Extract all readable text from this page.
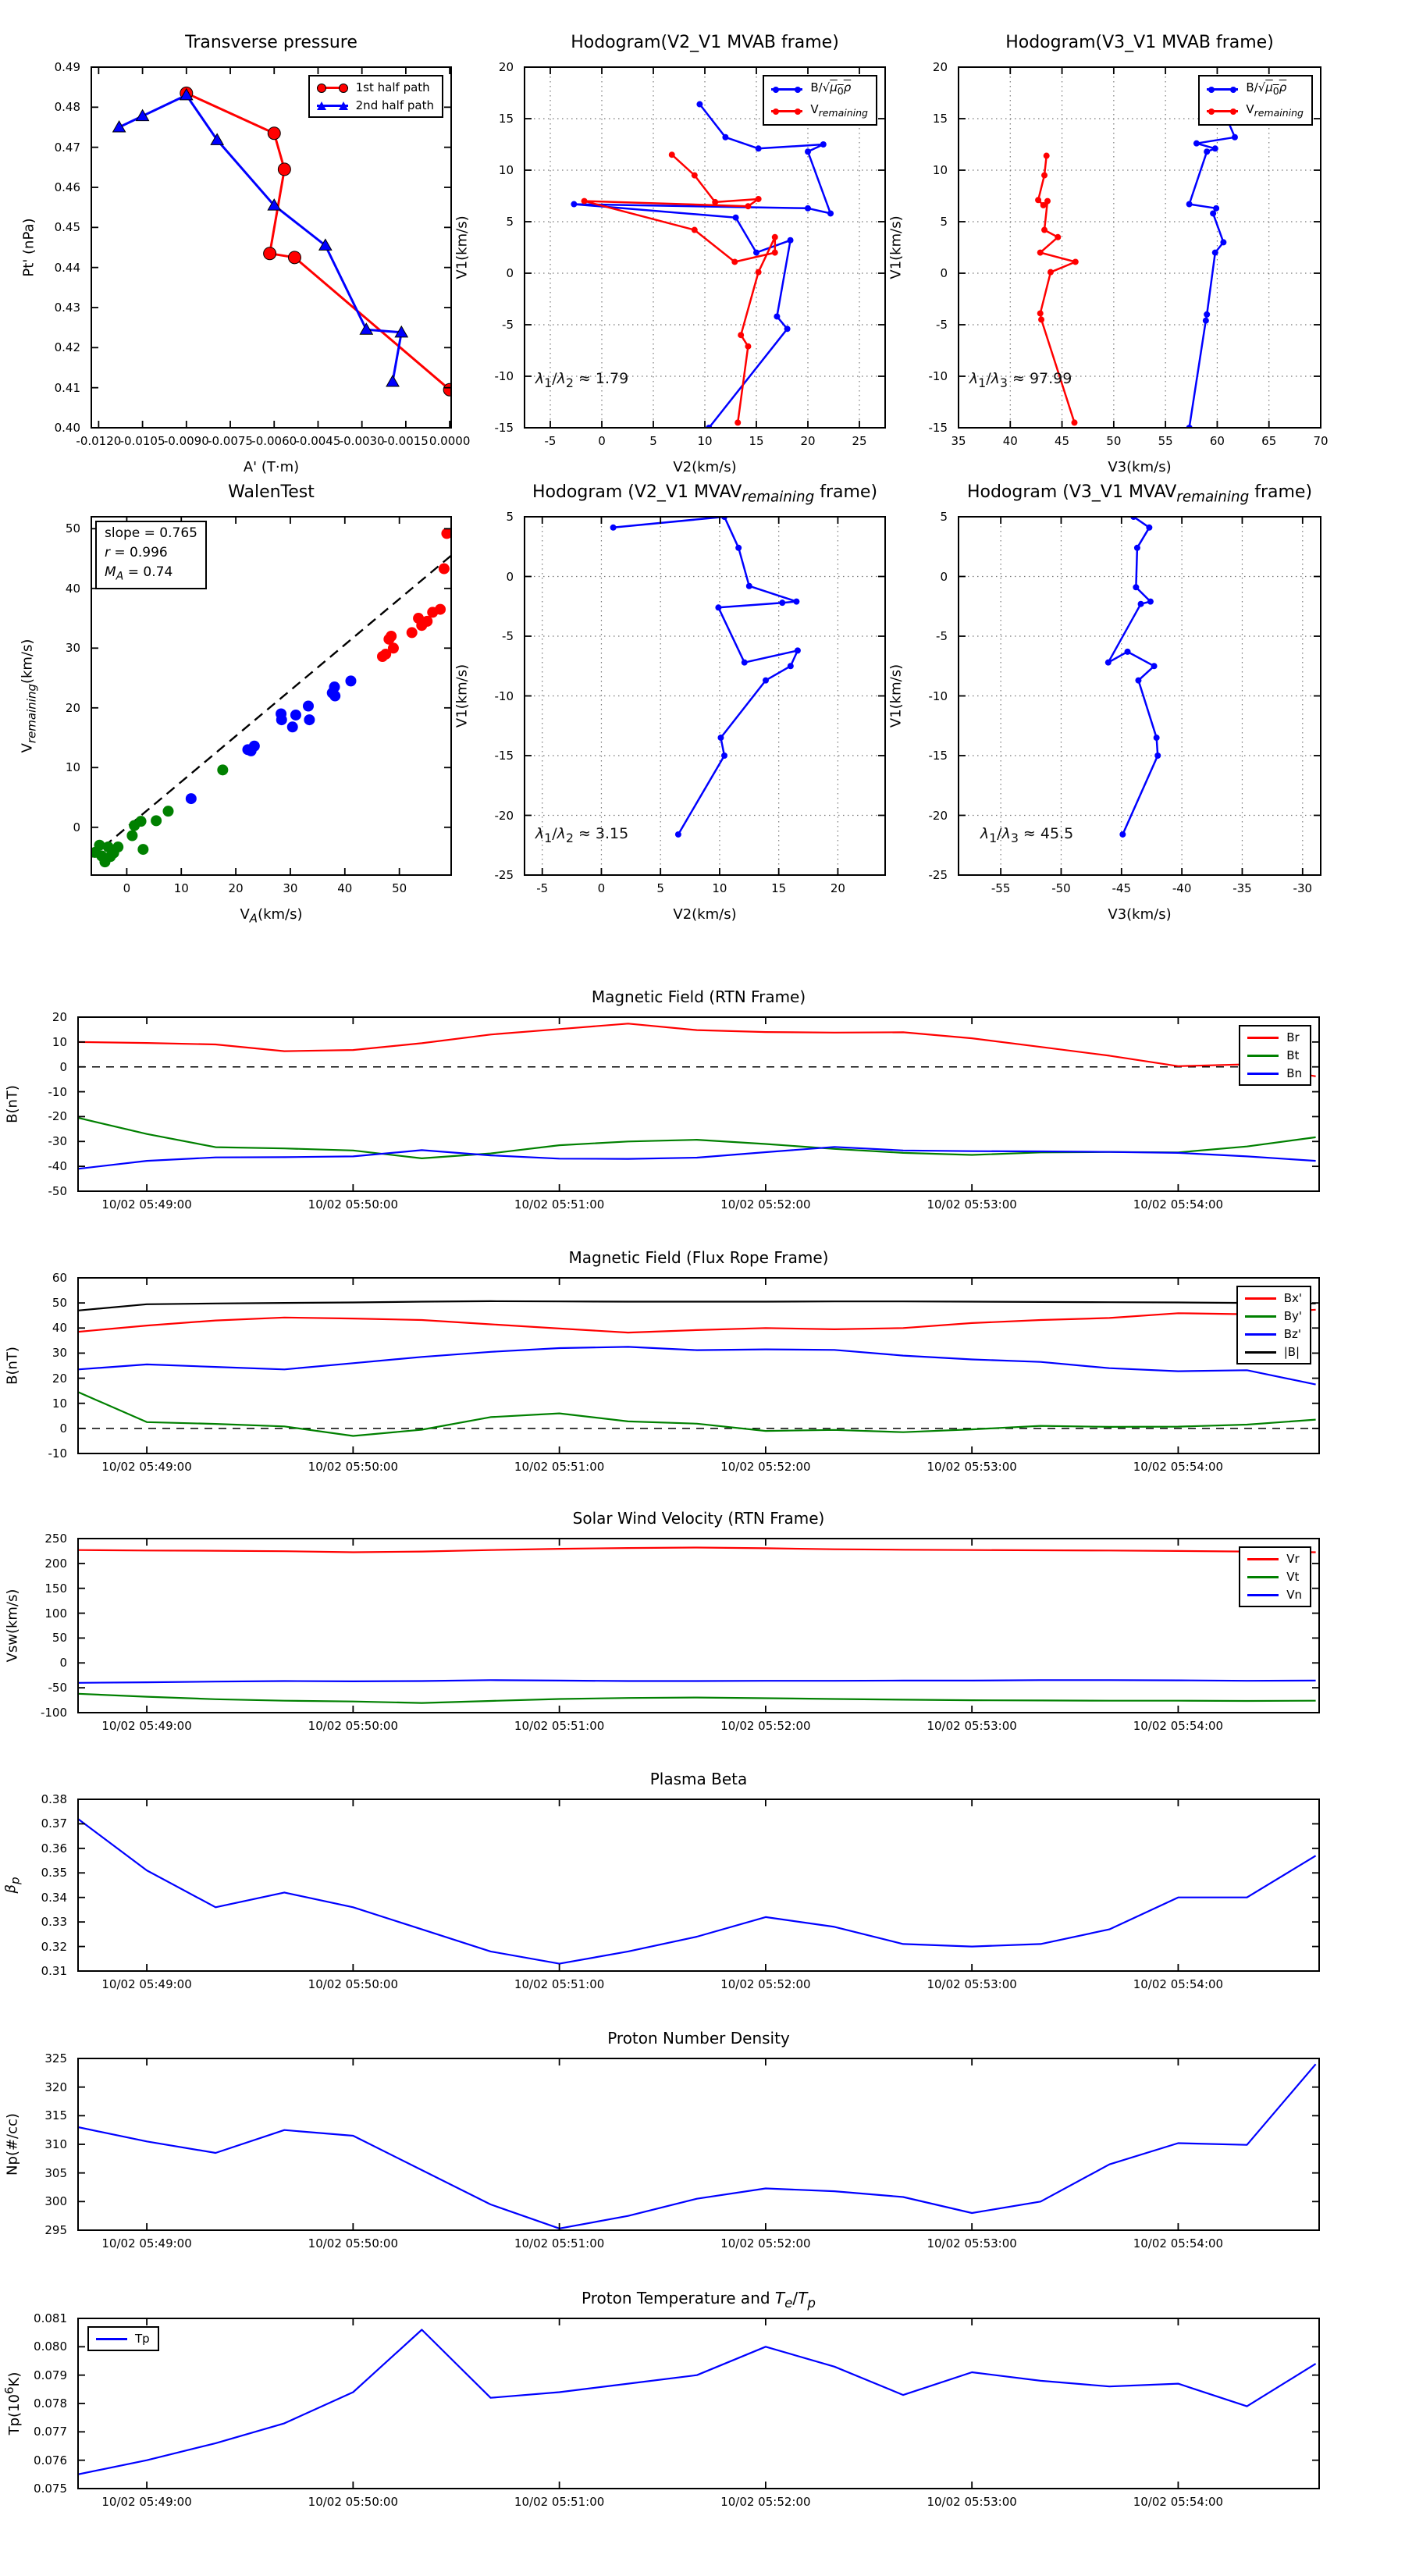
-0.0120
-0.0105
-0.0090
-0.0075
-0.0060
-0.0045
-0.0030
-0.0015 0.0000
0.40
0.41
0.42
0.43
0.44
0.45
0.46
0.47
0.48
0.49
Transverse pressure
A' (T·m)
Pt' (nPa)
1st half path
2nd half path
-5	0	5	10	15	20	25
-15
-10
-5
0
5
10
15
20
Hodogram(V2_V1 MVAB frame)
V2(km/s)
V1(km/s)
$B/√\mu_0\rho$
$V_{remaining}$
$\lambda_1/\lambda_2 \approx 1.79$
35	40	45	50	55	60	65	70
-15
-10
-5
0
5
10
15
20
Hodogram(V3_V1 MVAB frame)
V3(km/s)
V1(km/s)
$B/√\mu_0\rho$
$V_{remaining}$
$\lambda_1/\lambda_3 \approx 97.99$
0	10	20	30	40	50
0
10
20
30
40
50
WalenTest
$V_A(km/s)$
$V_{remaining}(km/s)$
slope = 0.765
r = 0.996
$M_A = 0.74$
-5	0	5	10	15	20
-25
-20
-15
-10
-5
0
5
Hodogram (V2_V1 $MVAV_{remaining}$ frame)
V2(km/s)
V1(km/s)
$\lambda_1/\lambda_2 \approx 3.15$
-55	-50	-45	-40	-35	-30
-25
-20
-15
-10
-5
0
5
Hodogram (V3_V1 $MVAV_{remaining}$ frame)
V3(km/s)
V1(km/s)
$\lambda_1/\lambda_3 \approx 45.5$
10/02 05:49:00	10/02 05:50:00	10/02 05:51:00	10/02 05:52:00	10/02 05:53:00	10/02 05:54:00
-50
-40
-30
-20
-10
0
10
20
Magnetic Field (RTN Frame)
B(nT)
Br
Bt
Bn
10/02 05:49:00	10/02 05:50:00	10/02 05:51:00	10/02 05:52:00	10/02 05:53:00	10/02 05:54:00
-10
0
10
20
30
40
50
60
Magnetic Field (Flux Rope Frame)
B(nT)
Bx'
By'
Bz'
|B|
10/02 05:49:00	10/02 05:50:00	10/02 05:51:00	10/02 05:52:00	10/02 05:53:00	10/02 05:54:00
-100
-50
0
50
100
150
200
250
Solar Wind Velocity (RTN Frame)
Vsw(km/s)
Vr
Vt
Vn
10/02 05:49:00	10/02 05:50:00	10/02 05:51:00	10/02 05:52:00	10/02 05:53:00	10/02 05:54:00
0.31
0.32
0.33
0.34
0.35
0.36
0.37
0.38
Plasma Beta
$\beta_p$
10/02 05:49:00	10/02 05:50:00	10/02 05:51:00	10/02 05:52:00	10/02 05:53:00	10/02 05:54:00
295
300
305
310
315
320
325
Proton Number Density
Np(#/cc)
10/02 05:49:00	10/02 05:50:00	10/02 05:51:00	10/02 05:52:00	10/02 05:53:00	10/02 05:54:00
0.075
0.076
0.077
0.078
0.079
0.080
0.081
Proton Temperature and $T_e/T_p$
$Tp(10^6K)$
Tp
